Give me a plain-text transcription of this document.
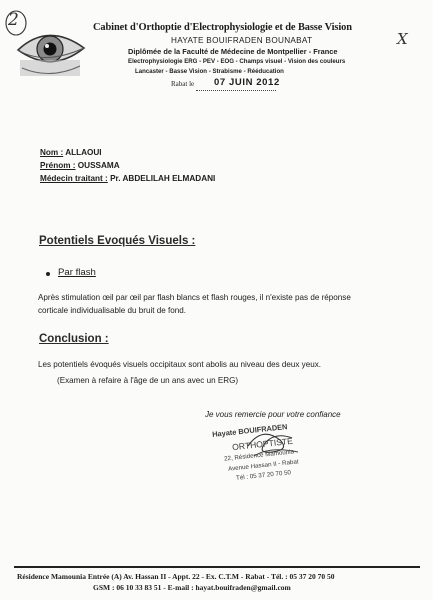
2
X
Cabinet d'Orthoptie d'Electrophysiologie et de Basse Vision
HAYATE BOUIFRADEN BOUNABAT
Diplômée de la Faculté de Médecine de Montpellier - France
Electrophysiologie ERG - PEV - EOG - Champs visuel - Vision des couleurs
Lancaster - Basse Vision - Strabisme - Rééducation
Rabat le 07 JUIN 2012
Nom : ALLAOUI
Prénom : OUSSAMA
Médecin traitant : Pr. ABDELILAH ELMADANI
Potentiels Evoqués Visuels :
Par flash
Après stimulation œil par œil par flash blancs et flash rouges, il n'existe pas de réponse corticale individualisable du bruit de fond.
Conclusion :
Les potentiels évoqués visuels occipitaux sont abolis au niveau des deux yeux.
(Examen à refaire à l'âge de un ans avec un ERG)
Je vous remercie pour votre confiance
Hayate BOUIFRADEN
ORTHOPTISTE
22, Résidence Mamounia
Avenue Hassan II - Rabat
Tél : 05 37 20 70 50
Résidence Mamounia Entrée (A) Av. Hassan II - Appt. 22 - Ex. C.T.M - Rabat - Tél. : 05 37 20 70 50
GSM : 06 10 33 83 51 - E-mail : hayat.bouifraden@gmail.com
